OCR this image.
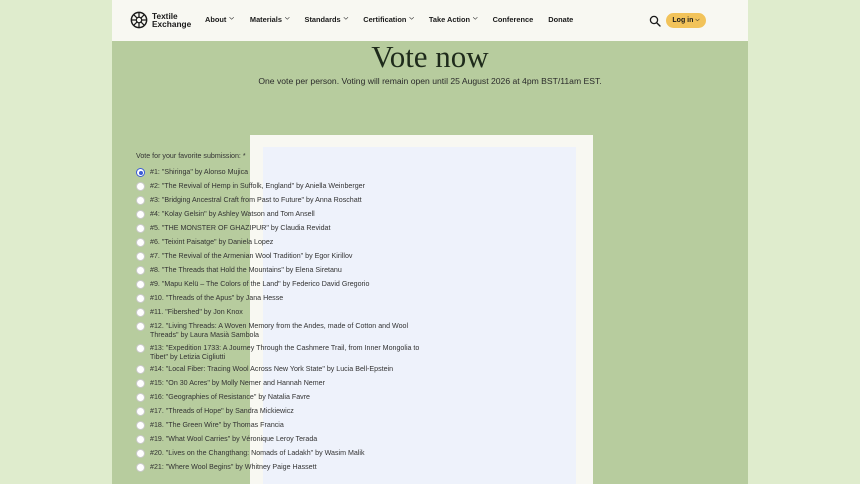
Textile
Exchange About ⌵ Materials ⌵ Standards ⌵ Certification ⌵ Take Action ⌵ Conference Donate	Log in ⌵
Vote now
One vote per person. Voting will remain open until 25 August 2026 at 4pm BST/11am EST.
Vote for your favorite submission: *
#1: "Shiringa" by Alonso Mujica
#2: "The Revival of Hemp in Suffolk, England" by Aniella Weinberger
#3: "Bridging Ancestral Craft from Past to Future" by Anna Roschatt
#4: "Kolay Gelsin" by Ashley Watson and Tom Ansell
#5. "THE MONSTER OF GHAZIPUR" by Claudia Revidat
#6. "Teixint Paisatge" by Daniela Lopez
#7. "The Revival of the Armenian Wool Tradition" by Egor Kirillov
#8. "The Threads that Hold the Mountains" by Elena Siretanu
#9. "Mapu Kelü – The Colors of the Land" by Federico David Gregorio
#10. "Threads of the Apus" by Jana Hesse
#11. "Fibershed" by Jon Knox
#12. "Living Threads: A Woven Memory from the Andes, made of Cotton and Wool Threads" by Laura Masià Sambola
#13: "Expedition 1733: A Journey Through the Cashmere Trail, from Inner Mongolia to Tibet" by Letizia Cigliutti
#14: "Local Fiber: Tracing Wool Across New York State" by Lucia Bell-Epstein
#15: "On 30 Acres" by Molly Nemer and Hannah Nemer
#16: "Geographies of Resistance" by Natalia Favre
#17. "Threads of Hope" by Sandra Mickiewicz
#18. "The Green Wire" by Thomas Francia
#19. "What Wool Carries" by Véronique Leroy Terada
#20. "Lives on the Changthang: Nomads of Ladakh" by Wasim Malik
#21: "Where Wool Begins" by Whitney Paige Hassett
